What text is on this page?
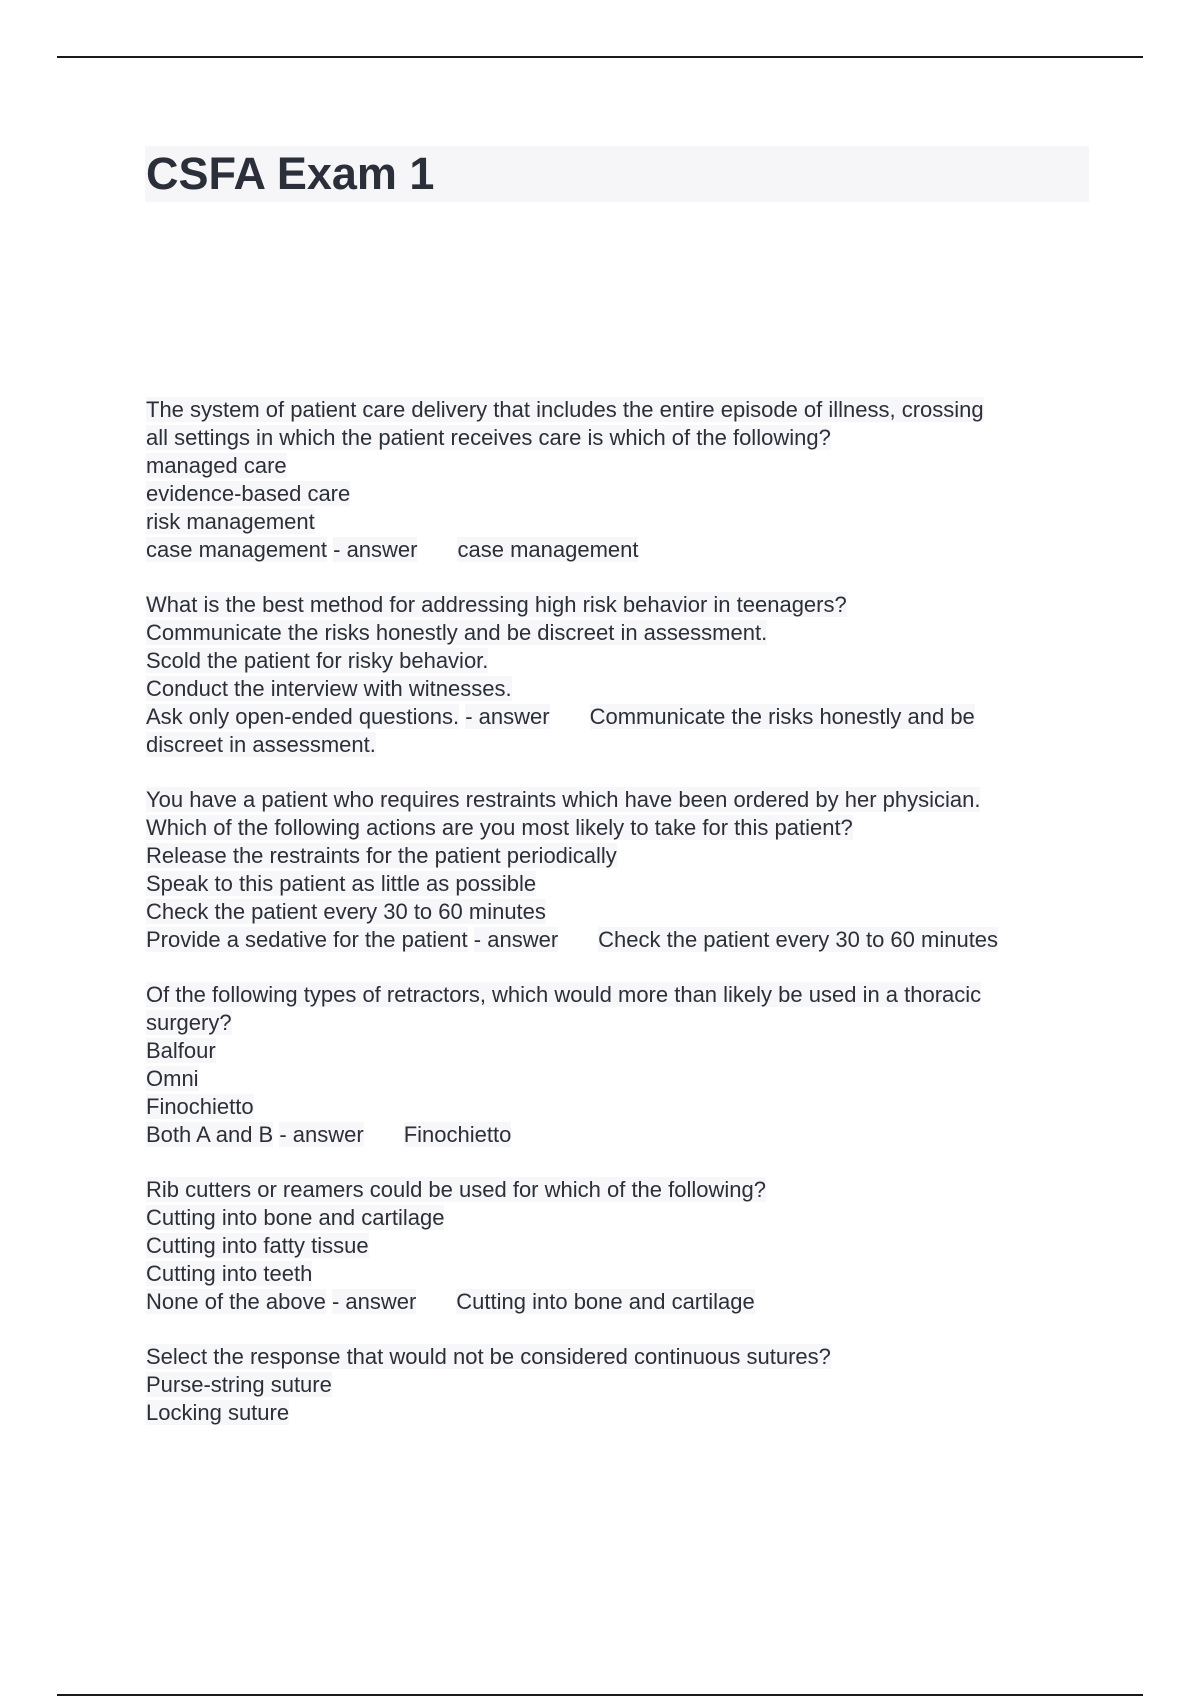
CSFA Exam 1
The system of patient care delivery that includes the entire episode of illness, crossing
all settings in which the patient receives care is which of the following?
managed care
evidence-based care
risk management
case management - answer case management
What is the best method for addressing high risk behavior in teenagers?
Communicate the risks honestly and be discreet in assessment.
Scold the patient for risky behavior.
Conduct the interview with witnesses.
Ask only open-ended questions. - answer Communicate the risks honestly and be
discreet in assessment.
You have a patient who requires restraints which have been ordered by her physician.
Which of the following actions are you most likely to take for this patient?
Release the restraints for the patient periodically
Speak to this patient as little as possible
Check the patient every 30 to 60 minutes
Provide a sedative for the patient - answer Check the patient every 30 to 60 minutes
Of the following types of retractors, which would more than likely be used in a thoracic
surgery?
Balfour
Omni
Finochietto
Both A and B - answer Finochietto
Rib cutters or reamers could be used for which of the following?
Cutting into bone and cartilage
Cutting into fatty tissue
Cutting into teeth
None of the above - answer Cutting into bone and cartilage
Select the response that would not be considered continuous sutures?
Purse-string suture
Locking suture
